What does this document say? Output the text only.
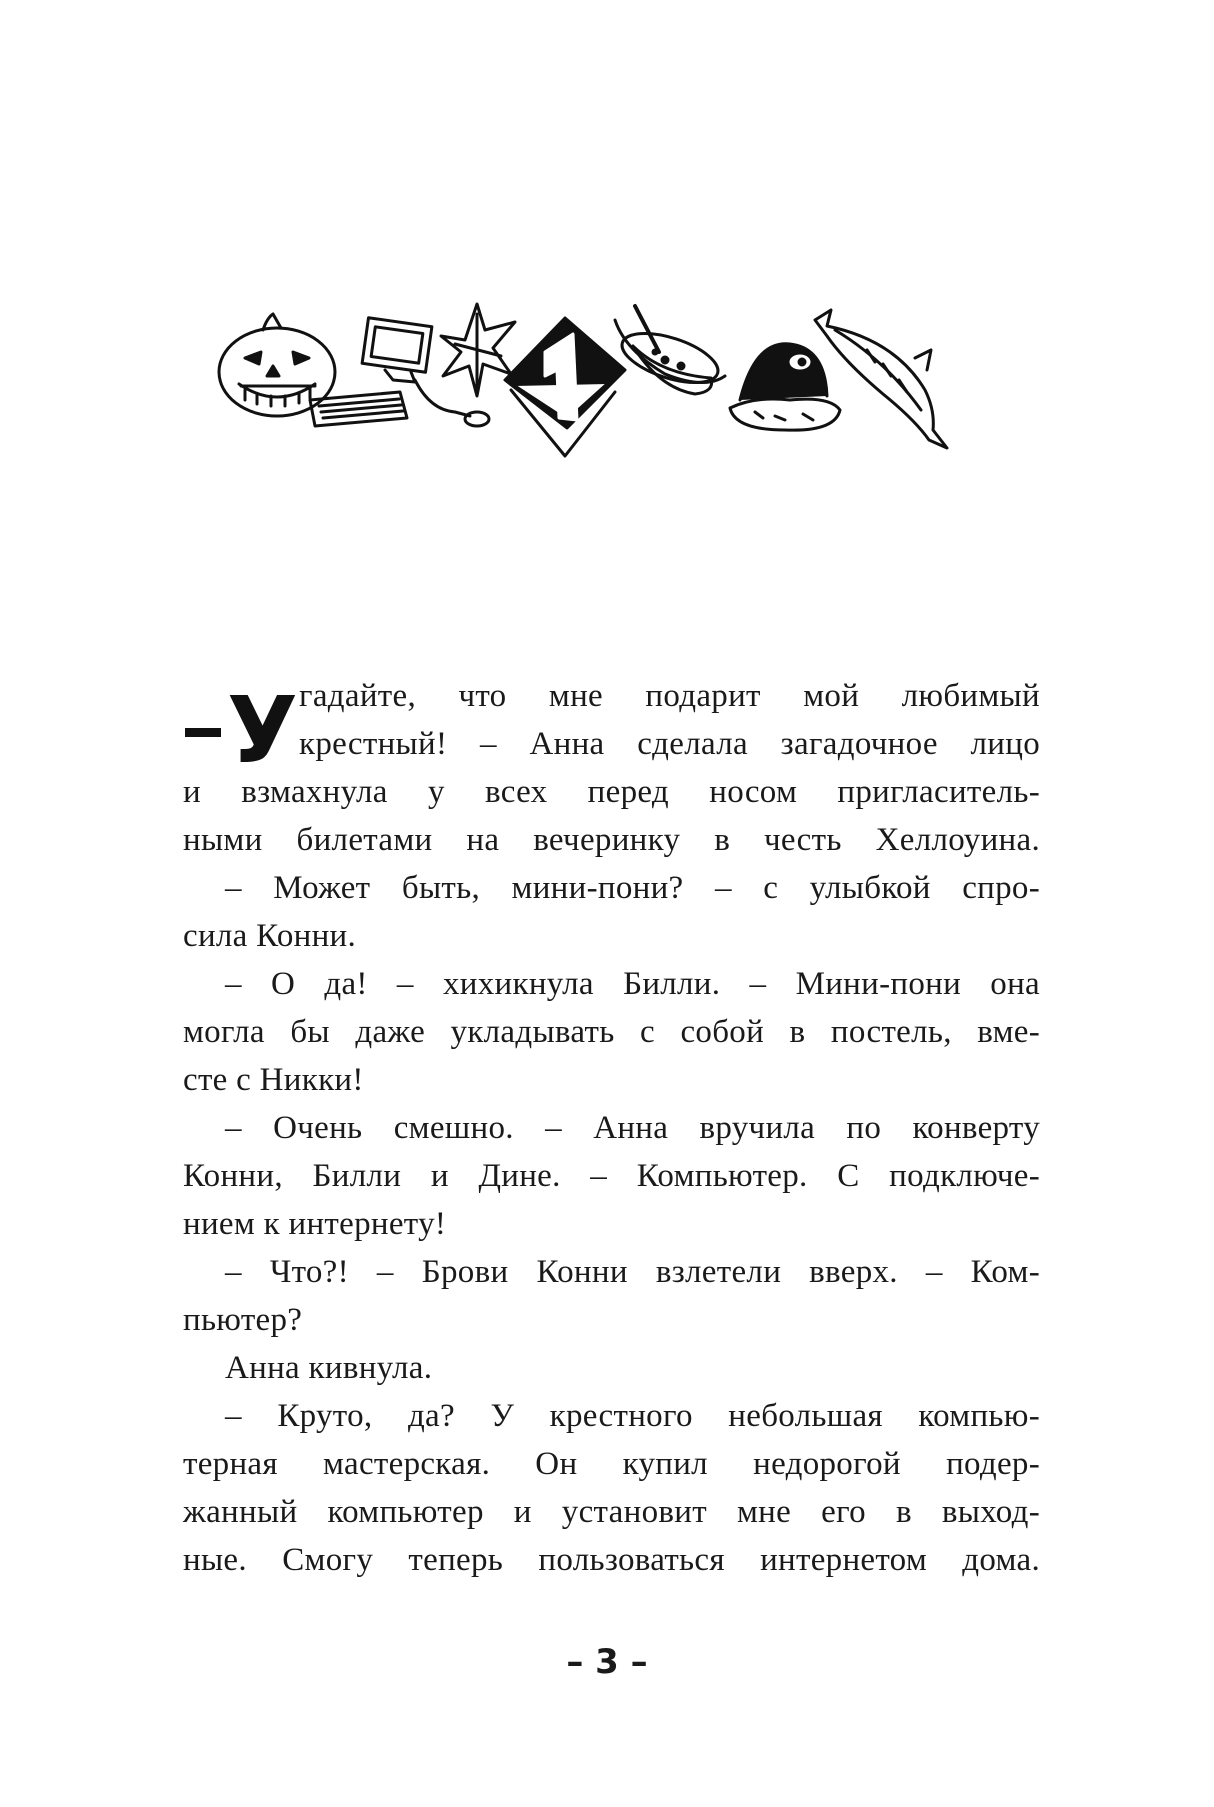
У гадайте, что мне подарит мой любимый
крестный! – Анна сделала загадочное лицо
и взмахнула у всех перед носом пригласитель-
ными билетами на вечеринку в честь Хеллоуина.
– Может быть, мини-пони? – с улыбкой спро-
сила Конни.
– О да! – хихикнула Билли. – Мини-пони она
могла бы даже укладывать с собой в постель, вме-
сте с Никки!
– Очень смешно. – Анна вручила по конверту
Конни, Билли и Дине. – Компьютер. С подключе-
нием к интернету!
– Что?! – Брови Конни взлетели вверх. – Ком-
пьютер?
Анна кивнула.
– Круто, да? У крестного небольшая компью-
терная мастерская. Он купил недорогой подер-
жанный компьютер и установит мне его в выход-
ные. Смогу теперь пользоваться интернетом дома.
– 3 –
